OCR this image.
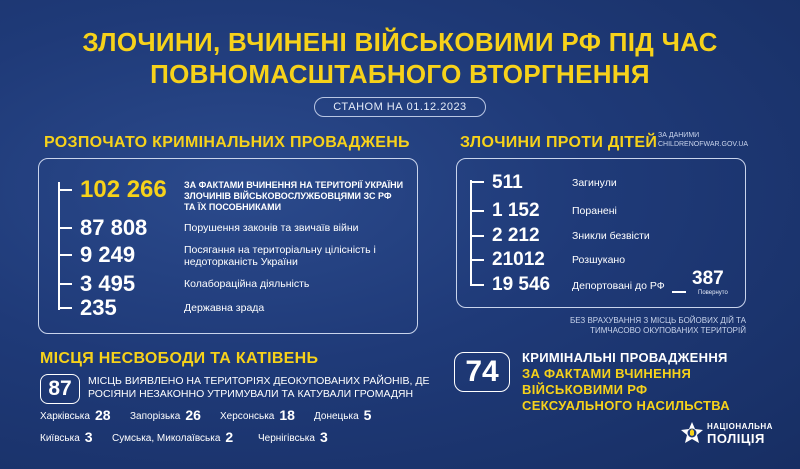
ЗЛОЧИНИ, ВЧИНЕНІ ВІЙСЬКОВИМИ РФ ПІД ЧАС
ПОВНОМАСШТАБНОГО ВТОРГНЕННЯ
СТАНОМ НА 01.12.2023
РОЗПОЧАТО КРИМІНАЛЬНИХ ПРОВАДЖЕНЬ
102 266 ЗА ФАКТАМИ ВЧИНЕННЯ НА ТЕРИТОРІЇ УКРАЇНИ ЗЛОЧИНІВ ВІЙСЬКОВОСЛУЖБОВЦЯМИ ЗС РФ ТА ЇХ ПОСОБНИКАМИ
87 808	Порушення законів та звичаїв війни
9 249	Посягання на територіальну цілісність і недоторканість України
3 495	Колабораційна діяльність
235	Державна зрада
ЗЛОЧИНИ ПРОТИ ДІТЕЙ ЗА ДАНИМИ CHILDRENOFWAR.GOV.UA
511	Загинули
1 152	Поранені
2 212	Зникли безвісти
21012	Розшукано
19 546 Депортовані до РФ 387
Повернуто
БЕЗ ВРАХУВАННЯ З МІСЦЬ БОЙОВИХ ДІЙ ТА ТИМЧАСОВО ОКУПОВАНИХ ТЕРИТОРІЙ
МІСЦЯ НЕСВОБОДИ ТА КАТІВЕНЬ
87	МІСЦЬ ВИЯВЛЕНО НА ТЕРИТОРІЯХ ДЕОКУПОВАНИХ РАЙОНІВ, ДЕ РОСІЯНИ НЕЗАКОННО УТРИМУВАЛИ ТА КАТУВАЛИ ГРОМАДЯН
Харківська 28 Запорізька 26 Херсонська 18 Донецька 5
Київська 3 Сумська, Миколаївська 2 Чернігівська 3
74	КРИМІНАЛЬНІ ПРОВАДЖЕННЯ
ЗА ФАКТАМИ ВЧИНЕННЯ ВІЙСЬКОВИМИ РФ СЕКСУАЛЬНОГО НАСИЛЬСТВА
НАЦІОНАЛЬНА
ПОЛІЦІЯ
